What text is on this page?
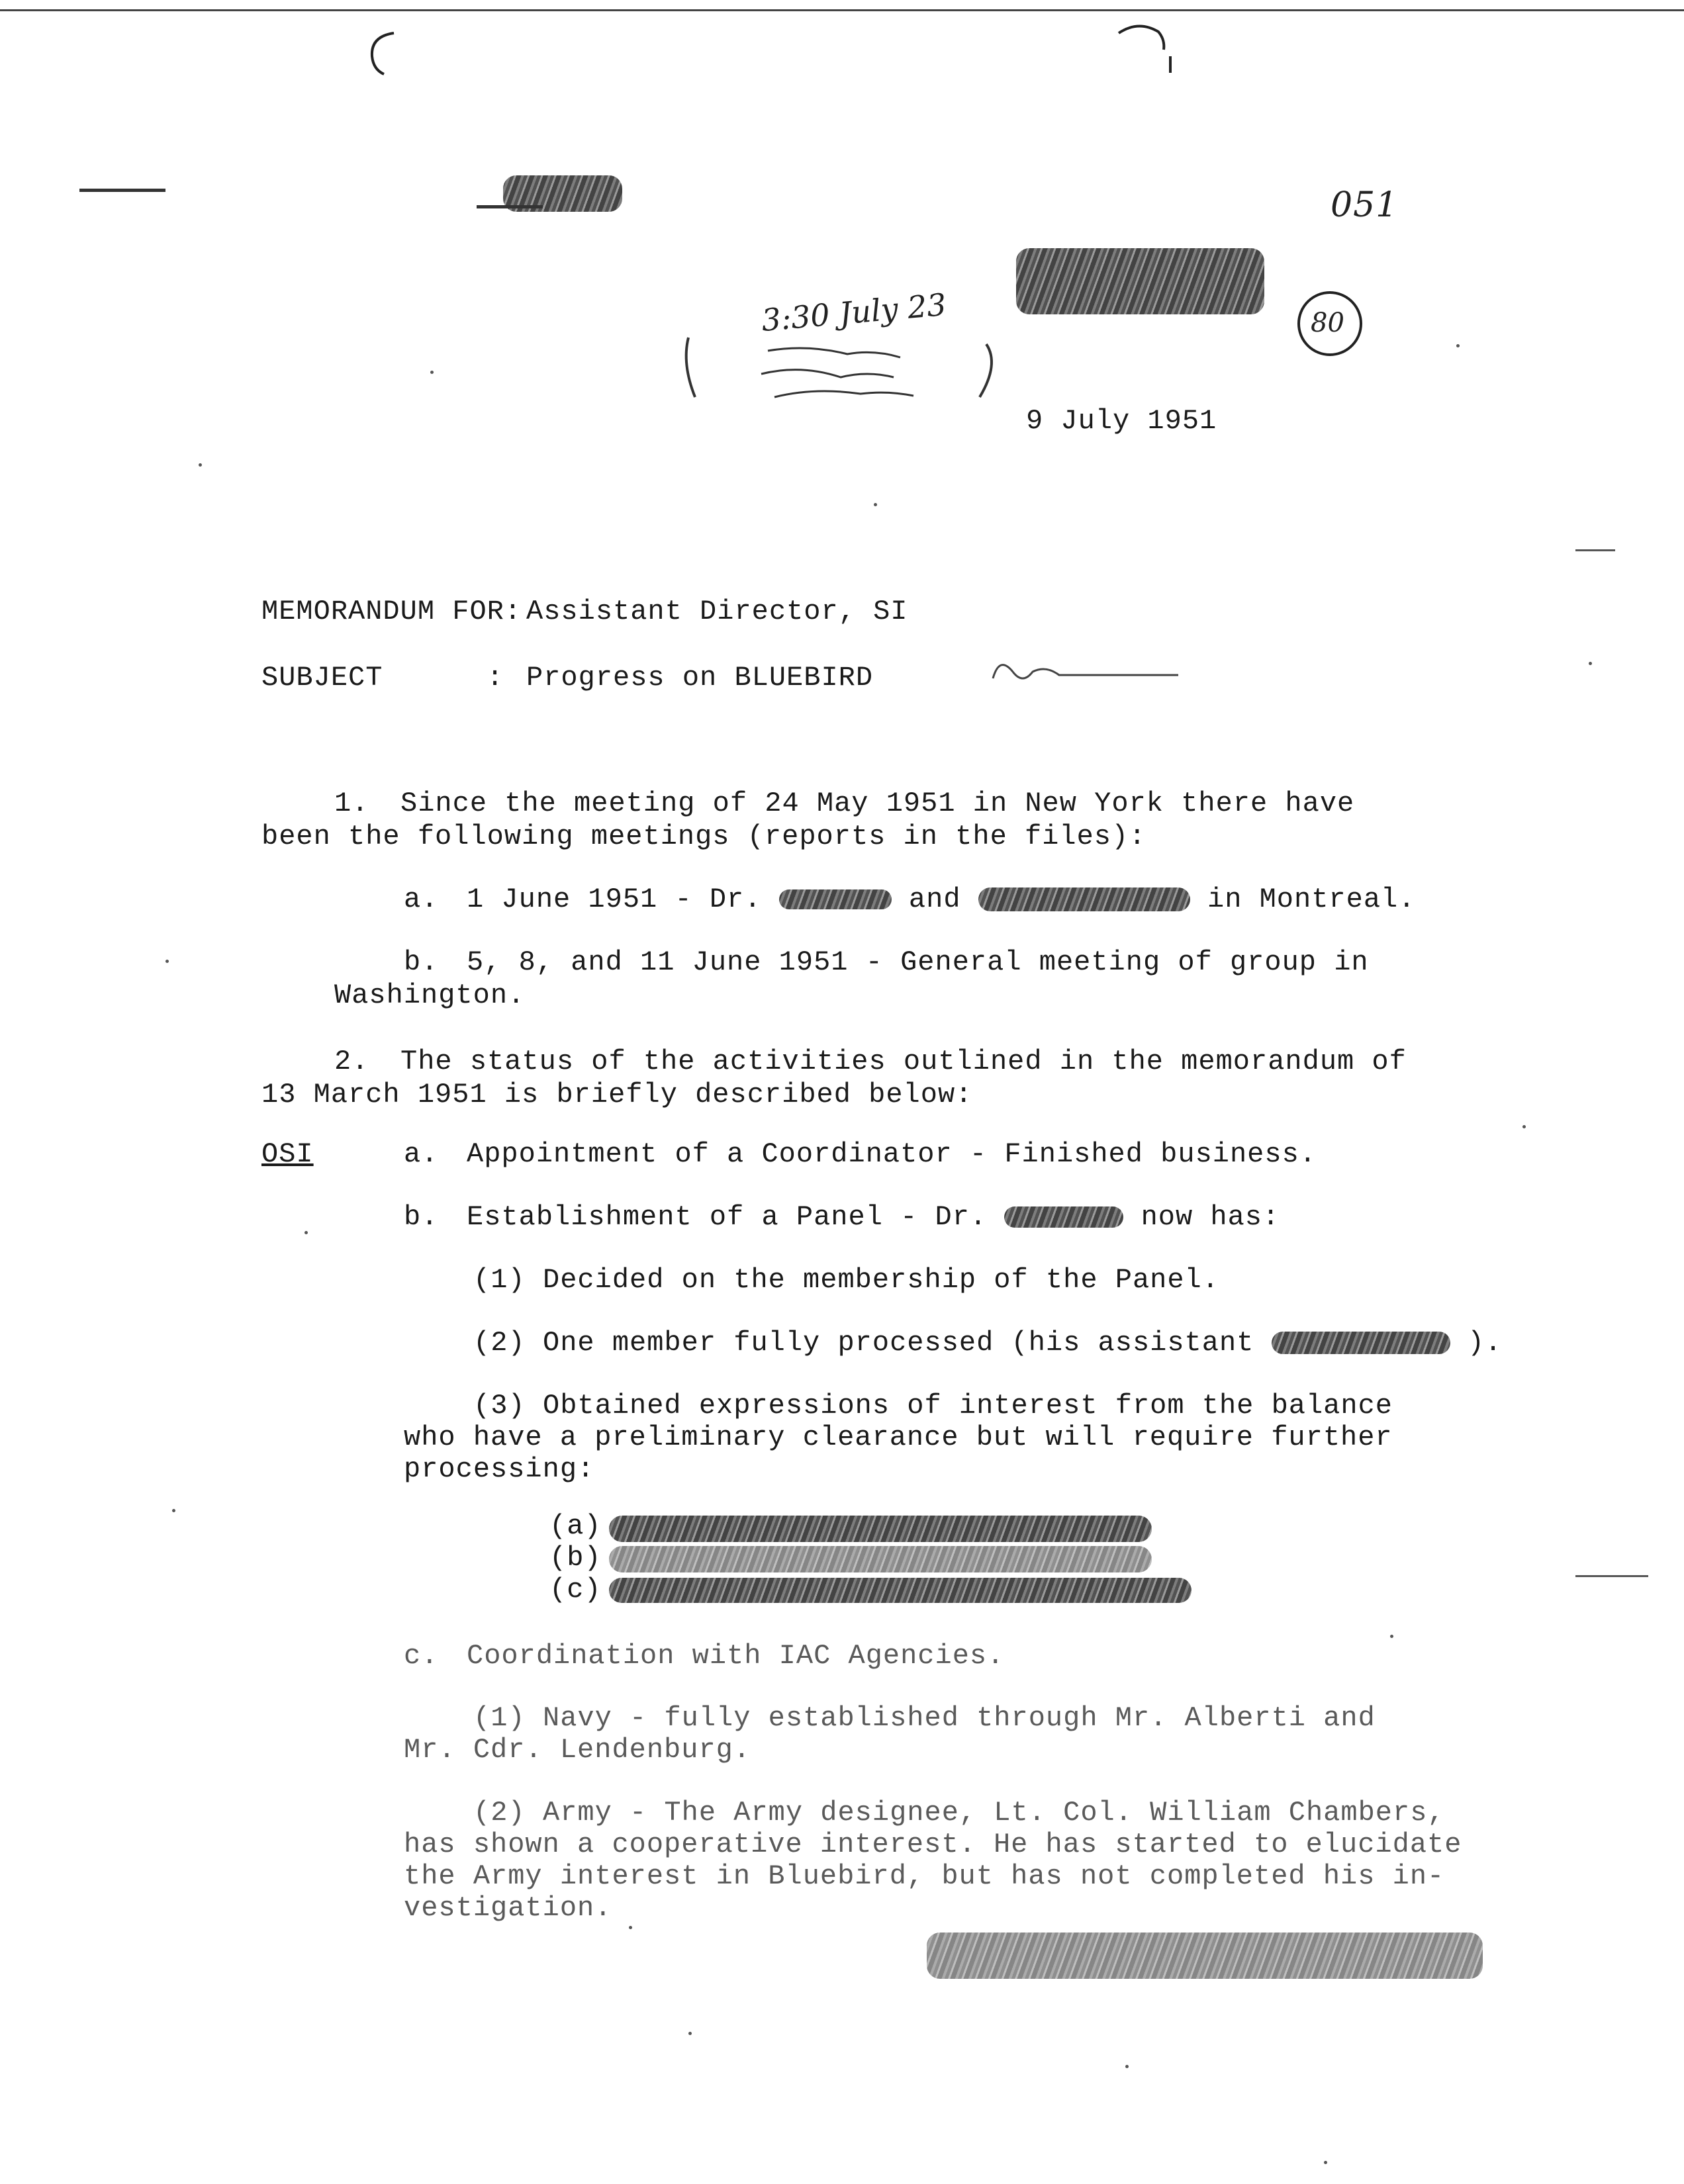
051
80
3:30 July 23
9 July 1951
MEMORANDUM FOR: Assistant Director, SI
SUBJECT	: Progress on BLUEBIRD
1. Since the meeting of 24 May 1951 in New York there have
been the following meetings (reports in the files):
a. 1 June 1951 - Dr.	and	in Montreal.
b. 5, 8, and 11 June 1951 - General meeting of group in
Washington.
2. The status of the activities outlined in the memorandum of
13 March 1951 is briefly described below:
OSI	a. Appointment of a Coordinator - Finished business.
b. Establishment of a Panel - Dr.	now has:
(1) Decided on the membership of the Panel.
(2) One member fully processed (his assistant	).
(3) Obtained expressions of interest from the balance
who have a preliminary clearance but will require further
processing:
(a)
(b)
(c)
c. Coordination with IAC Agencies.
(1) Navy - fully established through Mr. Alberti and
Mr. Cdr. Lendenburg.
(2) Army - The Army designee, Lt. Col. William Chambers,
has shown a cooperative interest. He has started to elucidate
the Army interest in Bluebird, but has not completed his in-
vestigation.
